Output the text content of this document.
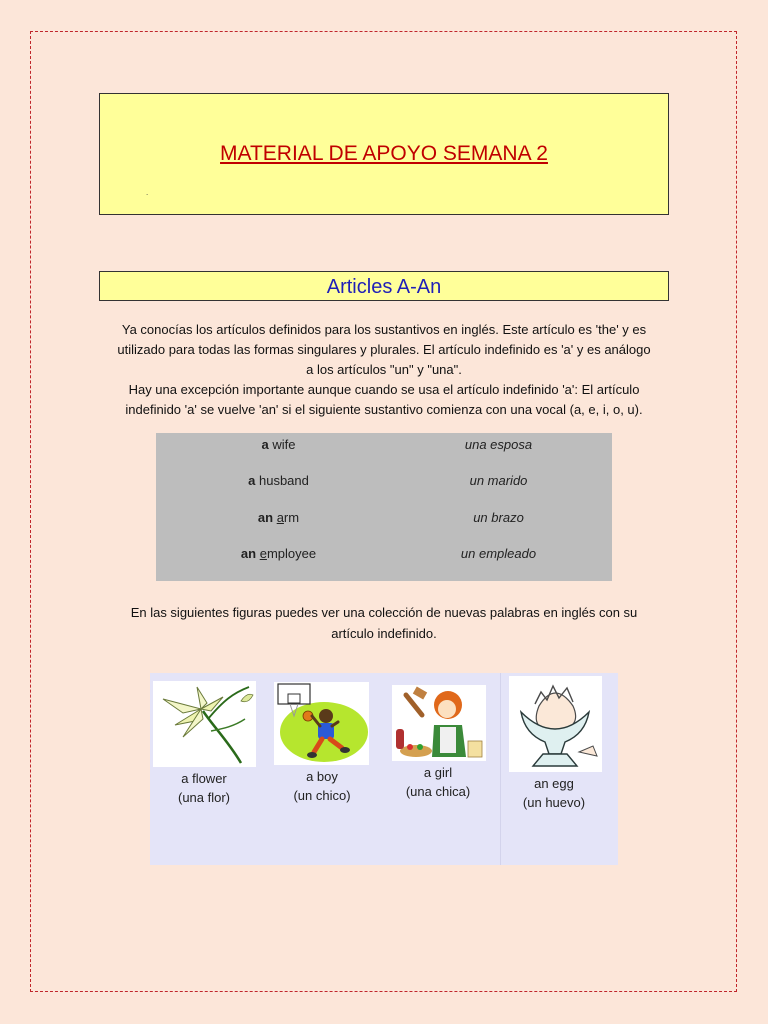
MATERIAL DE APOYO SEMANA 2
.
Articles A-An
Ya conocías los artículos definidos para los sustantivos en inglés. Este artículo es 'the' y es
utilizado para todas las formas singulares y plurales. El artículo indefinido es 'a' y es análogo
a los artículos "un" y "una".
Hay una excepción importante aunque cuando se usa el artículo indefinido 'a': El artículo
indefinido 'a' se vuelve 'an' si el siguiente sustantivo comienza con una vocal (a, e, i, o, u).
a wife	una esposa
a husband	un marido
an arm	un brazo
an employee	un empleado
En las siguientes figuras puedes ver una colección de nuevas palabras en inglés con su
artículo indefinido.
a flower
(una flor)
a boy
(un chico)
a girl
(una chica)
an egg
(un huevo)
